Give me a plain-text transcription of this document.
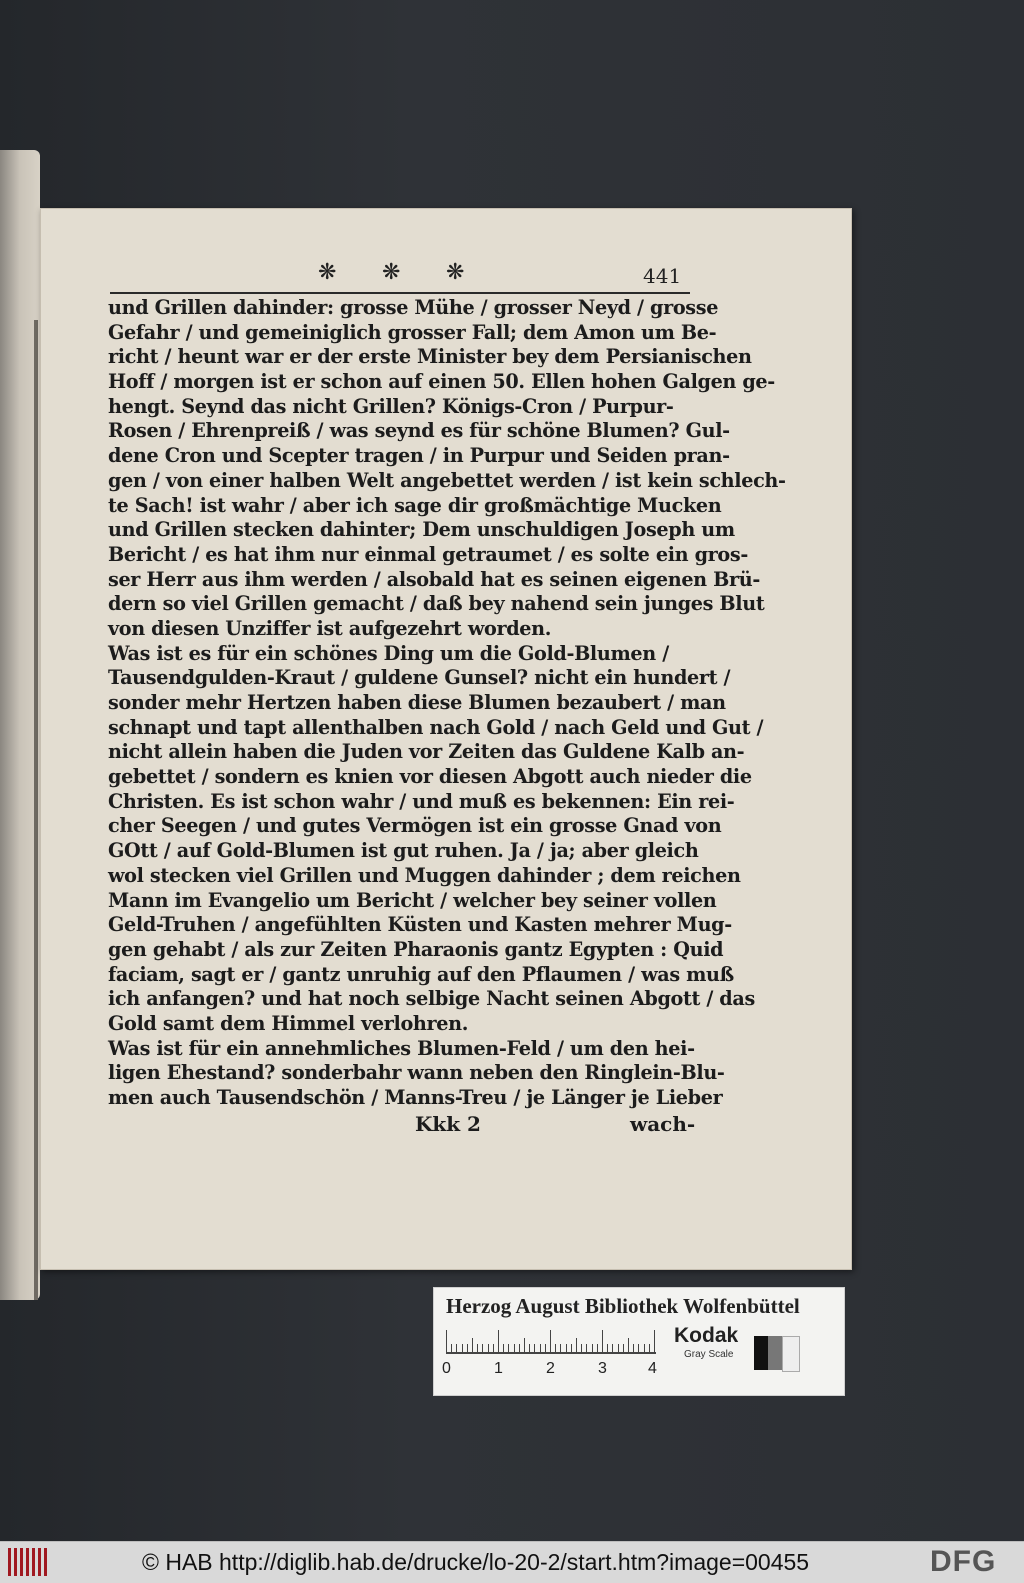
❋ ❋ ❋	441
und Grillen dahinder: grosse Mühe / grosser Neyd / grosse
Gefahr / und gemeiniglich grosser Fall; dem Amon um Be-
richt / heunt war er der erste Minister bey dem Persianischen
Hoff / morgen ist er schon auf einen 50. Ellen hohen Galgen ge-
hengt. Seynd das nicht Grillen? Königs-Cron / Purpur-
Rosen / Ehrenpreiß / was seynd es für schöne Blumen? Gul-
dene Cron und Scepter tragen / in Purpur und Seiden pran-
gen / von einer halben Welt angebettet werden / ist kein schlech-
te Sach! ist wahr / aber ich sage dir großmächtige Mucken
und Grillen stecken dahinter; Dem unschuldigen Joseph um
Bericht / es hat ihm nur einmal getraumet / es solte ein gros-
ser Herr aus ihm werden / alsobald hat es seinen eigenen Brü-
dern so viel Grillen gemacht / daß bey nahend sein junges Blut
von diesen Unziffer ist aufgezehrt worden.
Was ist es für ein schönes Ding um die Gold-Blumen /
Tausendgulden-Kraut / guldene Gunsel? nicht ein hundert /
sonder mehr Hertzen haben diese Blumen bezaubert / man
schnapt und tapt allenthalben nach Gold / nach Geld und Gut /
nicht allein haben die Juden vor Zeiten das Guldene Kalb an-
gebettet / sondern es knien vor diesen Abgott auch nieder die
Christen. Es ist schon wahr / und muß es bekennen: Ein rei-
cher Seegen / und gutes Vermögen ist ein grosse Gnad von
GOtt / auf Gold-Blumen ist gut ruhen. Ja / ja; aber gleich
wol stecken viel Grillen und Muggen dahinder ; dem reichen
Mann im Evangelio um Bericht / welcher bey seiner vollen
Geld-Truhen / angefühlten Küsten und Kasten mehrer Mug-
gen gehabt / als zur Zeiten Pharaonis gantz Egypten : Quid
faciam, sagt er / gantz unruhig auf den Pflaumen / was muß
ich anfangen? und hat noch selbige Nacht seinen Abgott / das
Gold samt dem Himmel verlohren.
Was ist für ein annehmliches Blumen-Feld / um den hei-
ligen Ehestand? sonderbahr wann neben den Ringlein-Blu-
men auch Tausendschön / Manns-Treu / je Länger je Lieber
Kkk 2	wach-
Herzog August Bibliothek Wolfenbüttel
0	1	2	3	4
Kodak
Gray Scale
© HAB http://diglib.hab.de/drucke/lo-20-2/start.htm?image=00455	DFG
